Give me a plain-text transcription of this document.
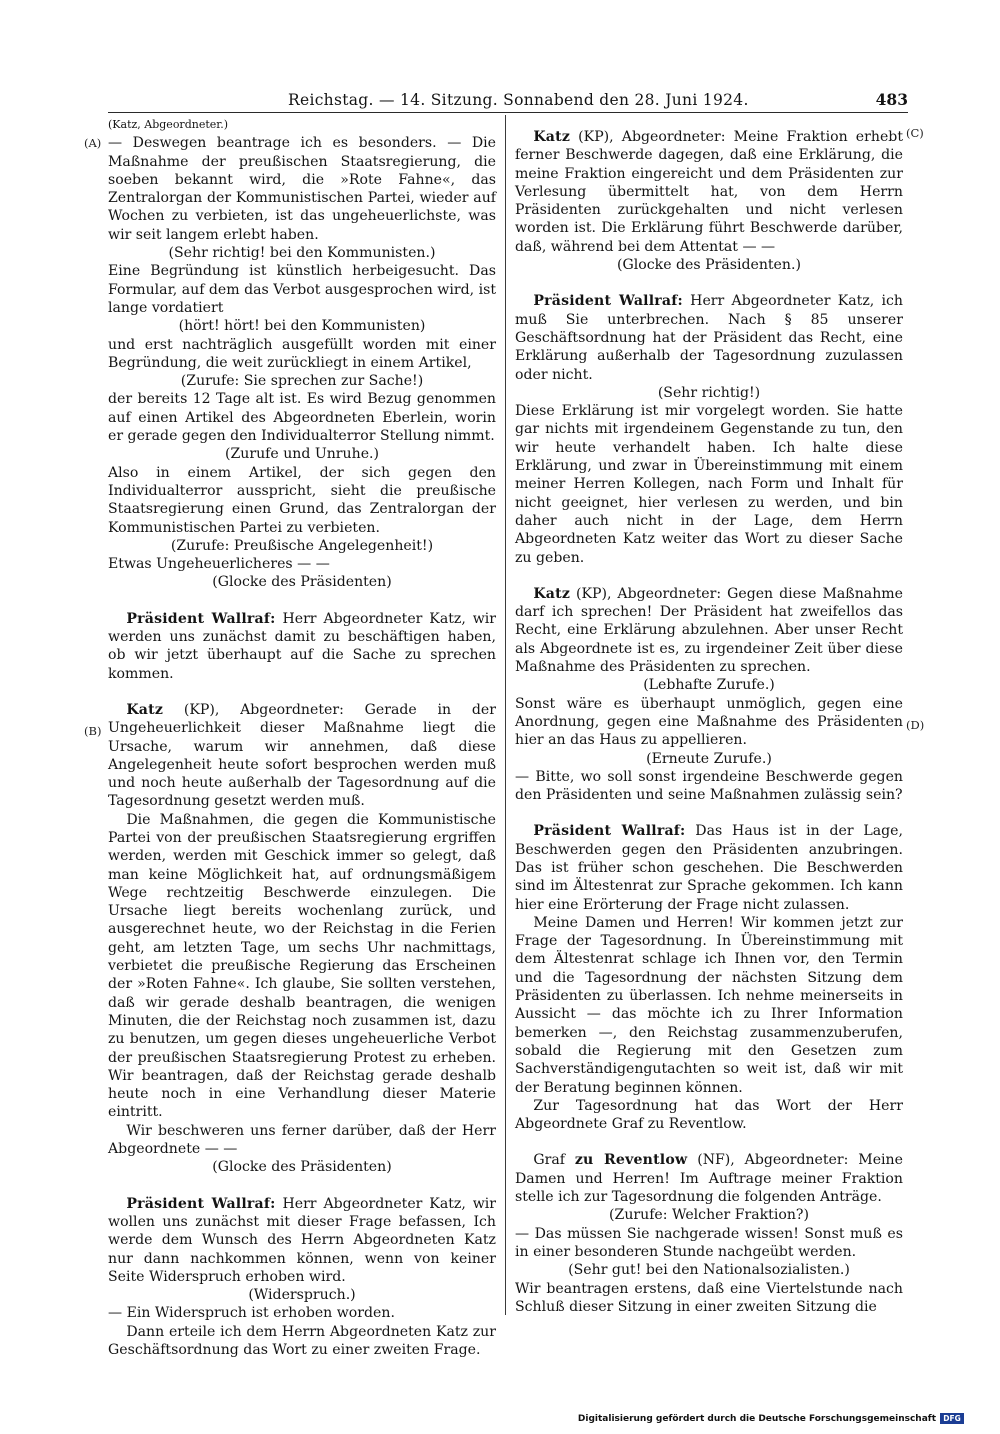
Reichstag. — 14. Sitzung. Sonnabend den 28. Juni 1924.	483
(A)
(B)
(C)
(D)

(Katz, Abgeordneter.)

— Deswegen beantrage ich es besonders. — Die Maßnahme der preußischen Staatsregierung, die soeben bekannt wird, die »Rote Fahne«, das Zentralorgan der Kommunistischen Partei, wieder auf Wochen zu verbieten, ist das ungeheuerlichste, was wir seit langem erlebt haben.

(Sehr richtig! bei den Kommunisten.)

Eine Begründung ist künstlich herbeigesucht. Das Formular, auf dem das Verbot ausgesprochen wird, ist lange vordatiert

(hört! hört! bei den Kommunisten)

und erst nachträglich ausgefüllt worden mit einer Begründung, die weit zurückliegt in einem Artikel,

(Zurufe: Sie sprechen zur Sache!)

der bereits 12 Tage alt ist. Es wird Bezug genommen auf einen Artikel des Abgeordneten Eberlein, worin er gerade gegen den Individualterror Stellung nimmt.

(Zurufe und Unruhe.)

Also in einem Artikel, der sich gegen den Individualterror ausspricht, sieht die preußische Staatsregierung einen Grund, das Zentralorgan der Kommunistischen Partei zu verbieten.

(Zurufe: Preußische Angelegenheit!)

Etwas Ungeheuerlicheres — —

(Glocke des Präsidenten)

Präsident Wallraf: Herr Abgeordneter Katz, wir werden uns zunächst damit zu beschäftigen haben, ob wir jetzt überhaupt auf die Sache zu sprechen kommen.

Katz (KP), Abgeordneter: Gerade in der Ungeheuerlichkeit dieser Maßnahme liegt die Ursache, warum wir annehmen, daß diese Angelegenheit heute sofort besprochen werden muß und noch heute außerhalb der Tagesordnung auf die Tagesordnung gesetzt werden muß.

Die Maßnahmen, die gegen die Kommunistische Partei von der preußischen Staatsregierung ergriffen werden, werden mit Geschick immer so gelegt, daß man keine Möglichkeit hat, auf ordnungsmäßigem Wege rechtzeitig Beschwerde einzulegen. Die Ursache liegt bereits wochenlang zurück, und ausgerechnet heute, wo der Reichstag in die Ferien geht, am letzten Tage, um sechs Uhr nachmittags, verbietet die preußische Regierung das Erscheinen der »Roten Fahne«. Ich glaube, Sie sollten verstehen, daß wir gerade deshalb beantragen, die wenigen Minuten, die der Reichstag noch zusammen ist, dazu zu benutzen, um gegen dieses ungeheuerliche Verbot der preußischen Staatsregierung Protest zu erheben. Wir beantragen, daß der Reichstag gerade deshalb heute noch in eine Verhandlung dieser Materie eintritt.

Wir beschweren uns ferner darüber, daß der Herr Abgeordnete — —

(Glocke des Präsidenten)

Präsident Wallraf: Herr Abgeordneter Katz, wir wollen uns zunächst mit dieser Frage befassen, Ich werde dem Wunsch des Herrn Abgeordneten Katz nur dann nachkommen können, wenn von keiner Seite Widerspruch erhoben wird.

(Widerspruch.)

— Ein Widerspruch ist erhoben worden.

Dann erteile ich dem Herrn Abgeordneten Katz zur Geschäftsordnung das Wort zu einer zweiten Frage.

Katz (KP), Abgeordneter: Meine Fraktion erhebt ferner Beschwerde dagegen, daß eine Erklärung, die meine Fraktion eingereicht und dem Präsidenten zur Verlesung übermittelt hat, von dem Herrn Präsidenten zurückgehalten und nicht verlesen worden ist. Die Erklärung führt Beschwerde darüber, daß, während bei dem Attentat — —

(Glocke des Präsidenten.)

Präsident Wallraf: Herr Abgeordneter Katz, ich muß Sie unterbrechen. Nach § 85 unserer Geschäftsordnung hat der Präsident das Recht, eine Erklärung außerhalb der Tagesordnung zuzulassen oder nicht.

(Sehr richtig!)

Diese Erklärung ist mir vorgelegt worden. Sie hatte gar nichts mit irgendeinem Gegenstande zu tun, den wir heute verhandelt haben. Ich halte diese Erklärung, und zwar in Übereinstimmung mit einem meiner Herren Kollegen, nach Form und Inhalt für nicht geeignet, hier verlesen zu werden, und bin daher auch nicht in der Lage, dem Herrn Abgeordneten Katz weiter das Wort zu dieser Sache zu geben.

Katz (KP), Abgeordneter: Gegen diese Maßnahme darf ich sprechen! Der Präsident hat zweifellos das Recht, eine Erklärung abzulehnen. Aber unser Recht als Abgeordnete ist es, zu irgendeiner Zeit über diese Maßnahme des Präsidenten zu sprechen.

(Lebhafte Zurufe.)

Sonst wäre es überhaupt unmöglich, gegen eine Anordnung, gegen eine Maßnahme des Präsidenten hier an das Haus zu appellieren.

(Erneute Zurufe.)

— Bitte, wo soll sonst irgendeine Beschwerde gegen den Präsidenten und seine Maßnahmen zulässig sein?

Präsident Wallraf: Das Haus ist in der Lage, Beschwerden gegen den Präsidenten anzubringen. Das ist früher schon geschehen. Die Beschwerden sind im Ältestenrat zur Sprache gekommen. Ich kann hier eine Erörterung der Frage nicht zulassen.

Meine Damen und Herren! Wir kommen jetzt zur Frage der Tagesordnung. In Übereinstimmung mit dem Ältestenrat schlage ich Ihnen vor, den Termin und die Tagesordnung der nächsten Sitzung dem Präsidenten zu überlassen. Ich nehme meinerseits in Aussicht — das möchte ich zu Ihrer Information bemerken —, den Reichstag zusammenzuberufen, sobald die Regierung mit den Gesetzen zum Sachverständigengutachten so weit ist, daß wir mit der Beratung beginnen können.

Zur Tagesordnung hat das Wort der Herr Abgeordnete Graf zu Reventlow.

Graf zu Reventlow (NF), Abgeordneter: Meine Damen und Herren! Im Auftrage meiner Fraktion stelle ich zur Tagesordnung die folgenden Anträge.

(Zurufe: Welcher Fraktion?)

— Das müssen Sie nachgerade wissen! Sonst muß es in einer besonderen Stunde nachgeübt werden.

(Sehr gut! bei den Nationalsozialisten.)

Wir beantragen erstens, daß eine Viertelstunde nach Schluß dieser Sitzung in einer zweiten Sitzung die

Digitalisierung gefördert durch die Deutsche Forschungsgemeinschaft DFG
